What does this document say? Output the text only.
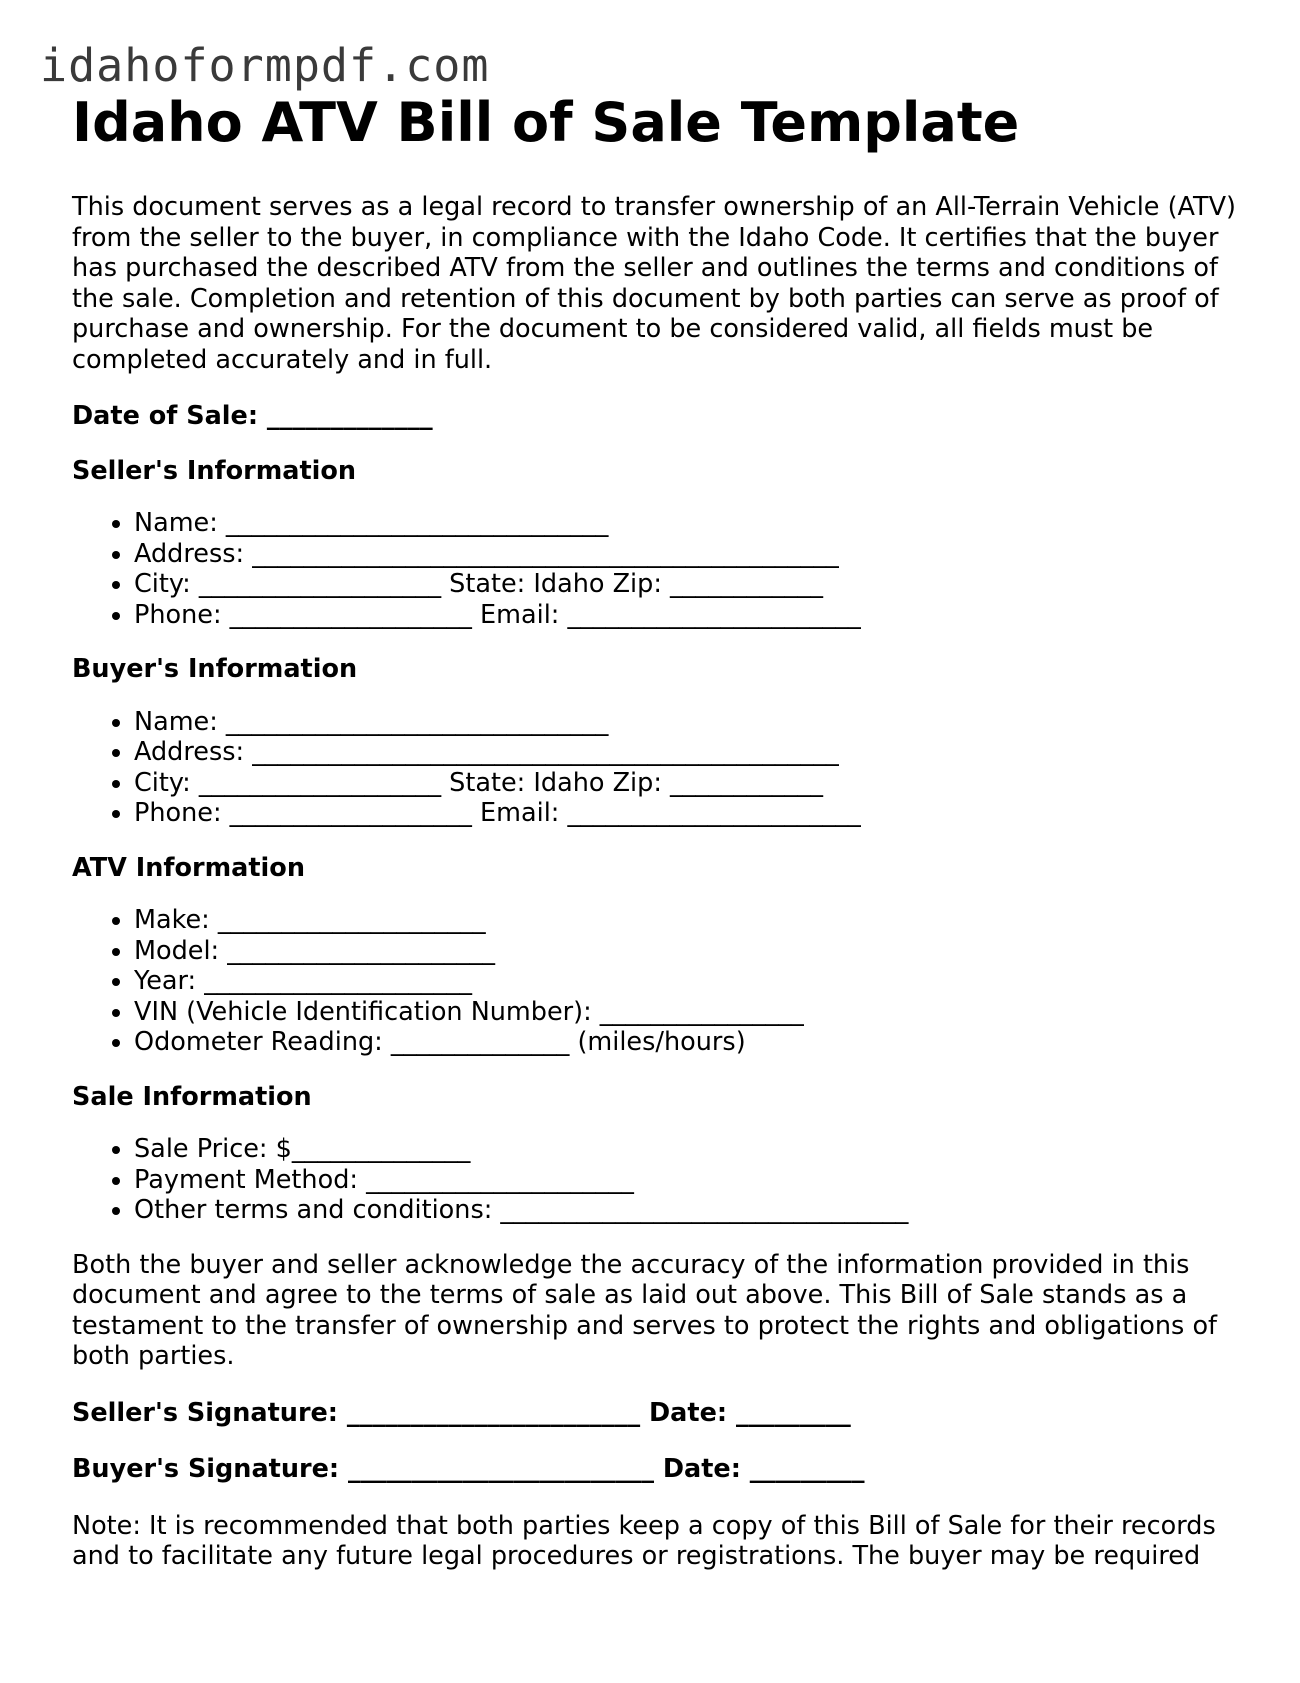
idahoformpdf.com
Idaho ATV Bill of Sale Template

This document serves as a legal record to transfer ownership of an All-Terrain Vehicle (ATV) from the seller to the buyer, in compliance with the Idaho Code. It certifies that the buyer has purchased the described ATV from the seller and outlines the terms and conditions of the sale. Completion and retention of this document by both parties can serve as proof of purchase and ownership. For the document to be considered valid, all fields must be completed accurately and in full.

Date of Sale: _____________

Seller's Information
• Name: ______________________________
• Address: ______________________________________________
• City: ___________________ State: Idaho Zip: ____________
• Phone: ___________________ Email: _______________________
Buyer's Information
• Name: ______________________________
• Address: ______________________________________________
• City: ___________________ State: Idaho Zip: ____________
• Phone: ___________________ Email: _______________________
ATV Information
• Make: _____________________
• Model: _____________________
• Year: _____________________
• VIN (Vehicle Identification Number): ________________
• Odometer Reading: ______________ (miles/hours)
Sale Information
• Sale Price: $______________
• Payment Method: _____________________
• Other terms and conditions: ________________________________

Both the buyer and seller acknowledge the accuracy of the information provided in this document and agree to the terms of sale as laid out above. This Bill of Sale stands as a testament to the transfer of ownership and serves to protect the rights and obligations of both parties.

Seller's Signature: _______________________ Date: _________

Buyer's Signature: ________________________ Date: _________

Note: It is recommended that both parties keep a copy of this Bill of Sale for their records and to facilitate any future legal procedures or registrations. The buyer may be required
